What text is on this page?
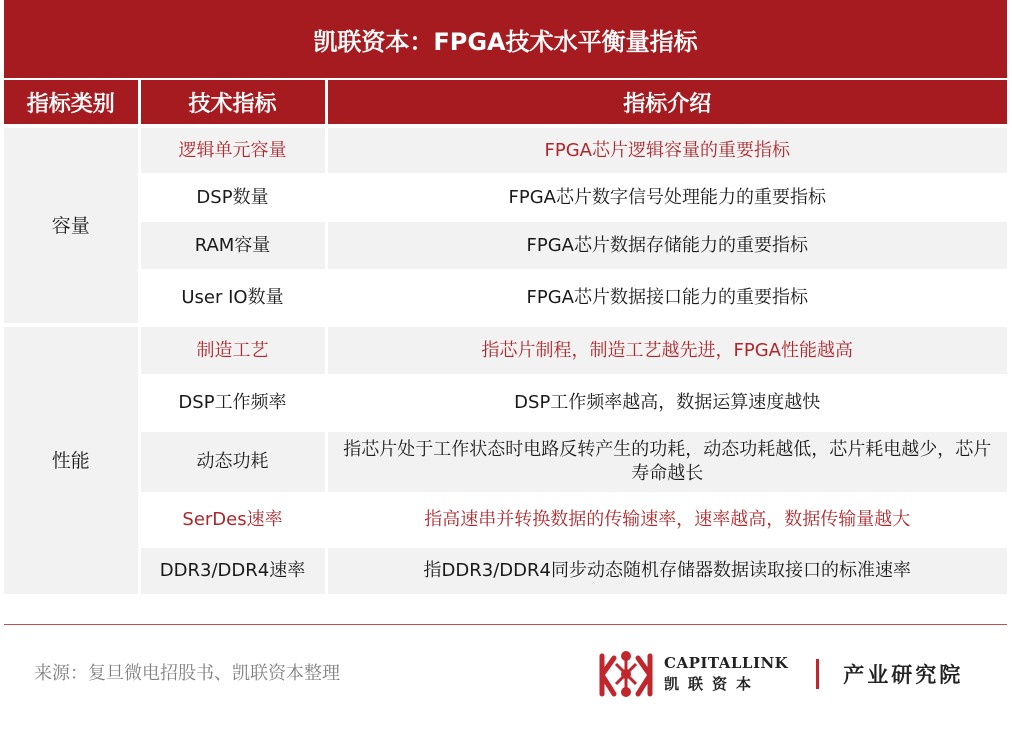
凯联资本：FPGA技术水平衡量指标
指标类别	技术指标	指标介绍
容量	逻辑单元容量	FPGA芯片逻辑容量的重要指标
	DSP数量	FPGA芯片数字信号处理能力的重要指标
	RAM容量	FPGA芯片数据存储能力的重要指标
	User IO数量	FPGA芯片数据接口能力的重要指标
性能	制造工艺	指芯片制程，制造工艺越先进，FPGA性能越高
	DSP工作频率	DSP工作频率越高，数据运算速度越快
	动态功耗	指芯片处于工作状态时电路反转产生的功耗，动态功耗越低，芯片耗电越少，芯片寿命越长
	SerDes速率	指高速串并转换数据的传输速率，速率越高，数据传输量越大
	DDR3/DDR4速率	指DDR3/DDR4同步动态随机存储器数据读取接口的标准速率
来源：复旦微电招股书、凯联资本整理	CAPITALLINK
凯联资本	产业研究院
